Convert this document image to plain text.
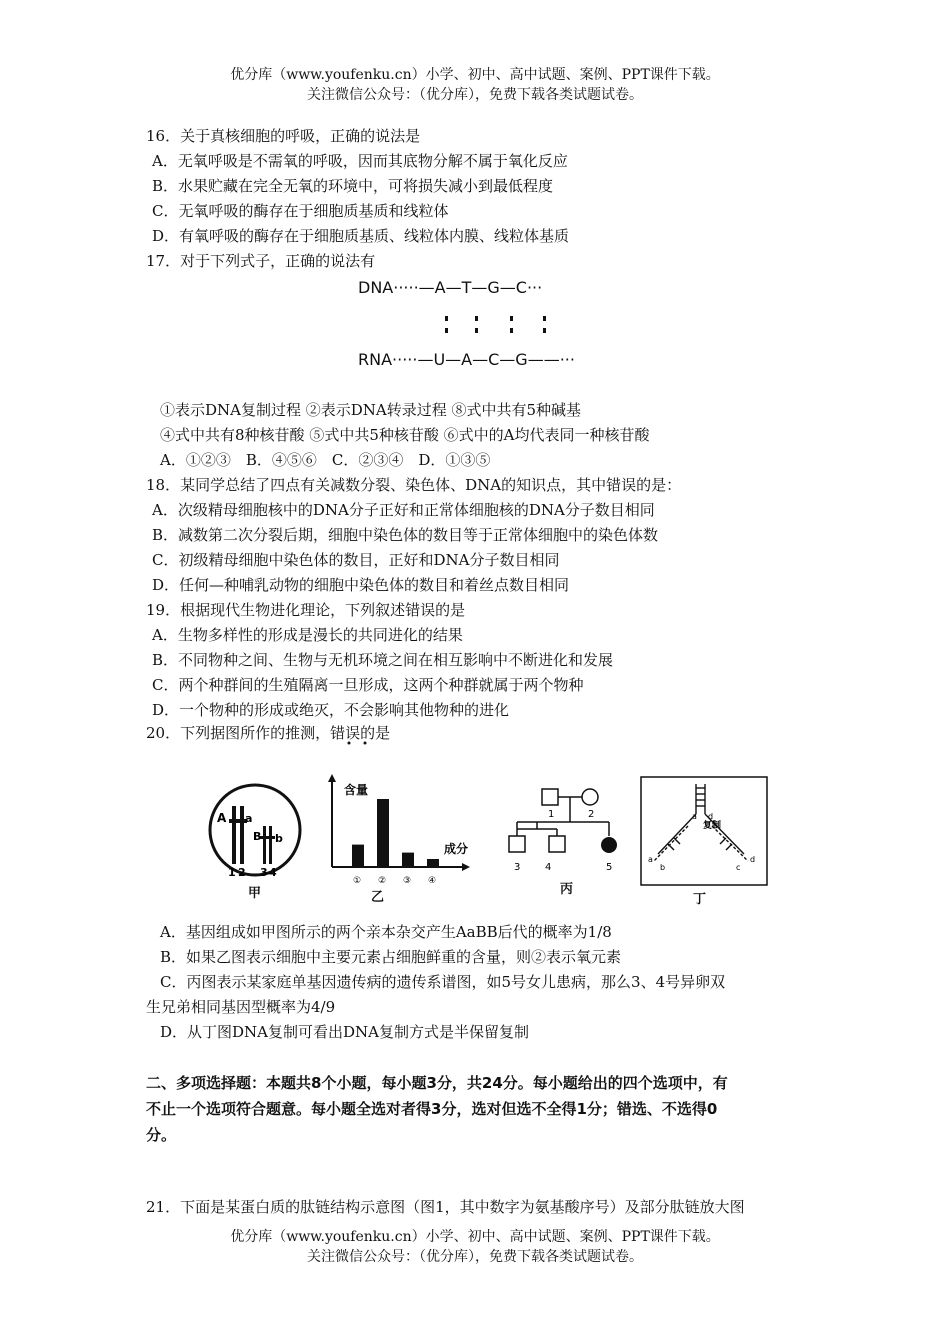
优分库（www.youfenku.cn）小学、初中、高中试题、案例、PPT课件下载。
关注微信公众号：（优分库），免费下载各类试题试卷。
16．关于真核细胞的呼吸，正确的说法是
A．无氧呼吸是不需氧的呼吸，因而其底物分解不属于氧化反应
B．水果贮藏在完全无氧的环境中，可将损失减小到最低程度
C．无氧呼吸的酶存在于细胞质基质和线粒体
D．有氧呼吸的酶存在于细胞质基质、线粒体内膜、线粒体基质
17．对于下列式子，正确的说法有
DNA·····—A—T—G—C···
RNA·····—U—A—C—G——···
①表示DNA复制过程 ②表示DNA转录过程 ⑧式中共有5种碱基
④式中共有8种核苷酸 ⑤式中共5种核苷酸 ⑥式中的A均代表同一种核苷酸
A．①②③　B．④⑤⑥　C．②③④　D．①③⑤
18．某同学总结了四点有关减数分裂、染色体、DNA的知识点，其中错误的是：
A．次级精母细胞核中的DNA分子正好和正常体细胞核的DNA分子数目相同
B．减数第二次分裂后期，细胞中染色体的数目等于正常体细胞中的染色体数
C．初级精母细胞中染色体的数目，正好和DNA分子数目相同
D．任何—种哺乳动物的细胞中染色体的数目和着丝点数目相同
19．根据现代生物进化理论，下列叙述错误的是
A．生物多样性的形成是漫长的共同进化的结果
B．不同物种之间、生物与无机环境之间在相互影响中不断进化和发展
C．两个种群间的生殖隔离一旦形成，这两个种群就属于两个物种
D．一个物种的形成或绝灭，不会影响其他物种的进化
20．下列据图所作的推测，错误的是
A a
B b
1 2 3 4
甲
含量
成分
① ② ③ ④
乙
1	2
3 4	5
丙
复制
a d
a
b	c
d
丁
A．基因组成如甲图所示的两个亲本杂交产生AaBB后代的概率为1/8
B．如果乙图表示细胞中主要元素占细胞鲜重的含量，则②表示氧元素
C．丙图表示某家庭单基因遗传病的遗传系谱图，如5号女儿患病，那么3、4号异卵双
生兄弟相同基因型概率为4/9
D．从丁图DNA复制可看出DNA复制方式是半保留复制
二、多项选择题：本题共8个小题，每小题3分，共24分。每小题给出的四个选项中，有
不止一个选项符合题意。每小题全选对者得3分，选对但选不全得1分；错选、不选得0
分。
21．下面是某蛋白质的肽链结构示意图（图1，其中数字为氨基酸序号）及部分肽链放大图
优分库（www.youfenku.cn）小学、初中、高中试题、案例、PPT课件下载。
关注微信公众号：（优分库），免费下载各类试题试卷。
